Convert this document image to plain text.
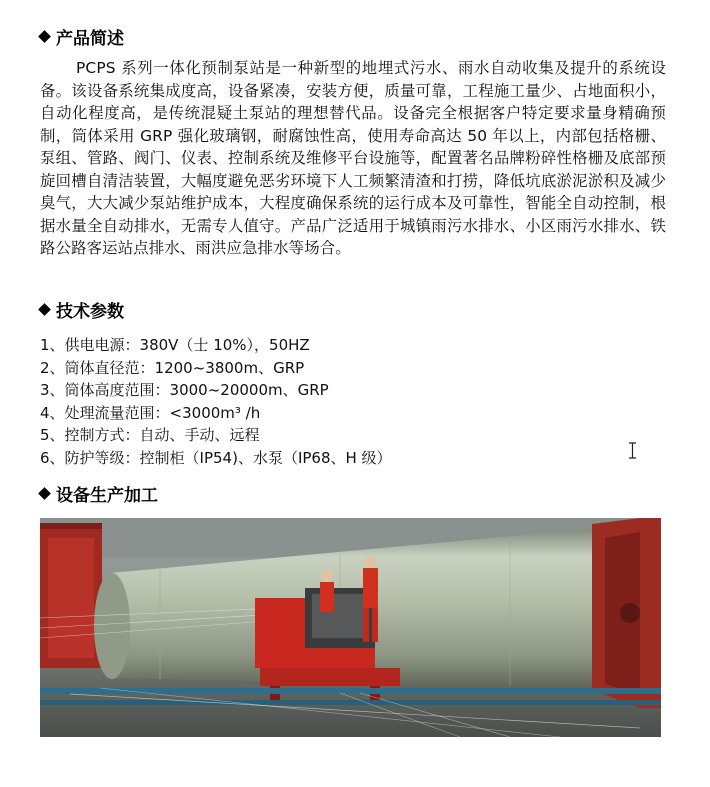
产品简述

PCPS 系列一体化预制泵站是一种新型的地埋式污水、雨水自动收集及提升的系统设备。该设备系统集成度高，设备紧凑，安装方便，质量可靠，工程施工量少、占地面积小，自动化程度高，是传统混疑土泵站的理想替代品。设备完全根据客户特定要求量身精确预制，筒体采用 GRP 强化玻璃钢，耐腐蚀性高，使用寿命高达 50 年以上，内部包括格栅、泵组、管路、阀门、仪表、控制系统及维修平台设施等，配置著名品牌粉碎性格栅及底部预旋回槽自清洁装置，大幅度避免恶劣环境下人工频繁清渣和打捞，降低坑底淤泥淤积及减少臭气，大大减少泵站维护成本，大程度确保系统的运行成本及可靠性，智能全自动控制，根据水量全自动排水，无需专人值守。产品广泛适用于城镇雨污水排水、小区雨污水排水、铁路公路客运站点排水、雨洪应急排水等场合。

技术参数
1、供电电源：380V（士 10%），50HZ
2、筒体直径范：1200~3800m、GRP
3、筒体高度范围：3000~20000m、GRP
4、处理流量范围：<3000m³ /h
5、控制方式：自动、手动、远程
6、防护等级：控制柜（IP54)、水泵（IP68、H 级）
设备生产加工
